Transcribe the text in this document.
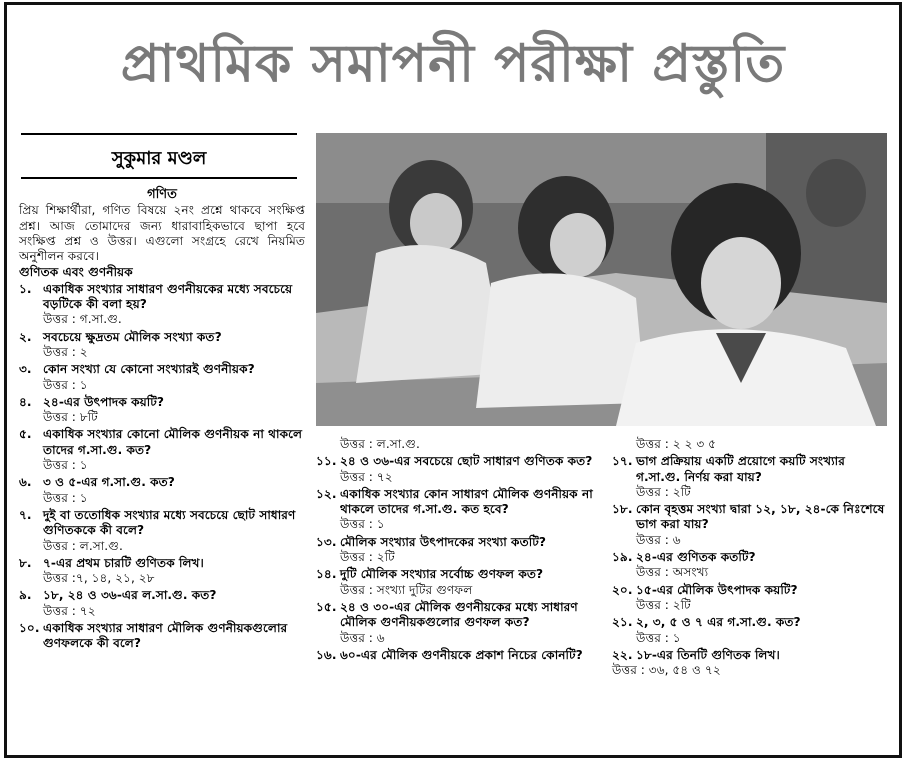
প্রাথমিক সমাপনী পরীক্ষা প্রস্তুতি
সুকুমার মণ্ডল
গণিত

প্রিয় শিক্ষার্থীরা, গণিত বিষয়ে ২নং প্রশ্নে থাকবে সংক্ষিপ্ত প্রশ্ন। আজ তোমাদের জন্য ধারাবাহিকভাবে ছাপা হবে সংক্ষিপ্ত প্রশ্ন ও উত্তর। এগুলো সংগ্রহে রেখে নিয়মিত অনুশীলন করবে।

গুণিতক এবং গুণনীয়ক
১. একাধিক সংখ্যার সাধারণ গুণনীয়কের মধ্যে সবচেয়ে বড়টিকে কী বলা হয়?
উত্তর : গ.সা.গু.
২. সবচেয়ে ক্ষুদ্রতম মৌলিক সংখ্যা কত?
উত্তর : ২
৩. কোন সংখ্যা যে কোনো সংখ্যারই গুণনীয়ক?
উত্তর : ১
৪. ২৪-এর উৎপাদক কয়টি?
উত্তর : ৮টি
৫. একাধিক সংখ্যার কোনো মৌলিক গুণনীয়ক না থাকলে তাদের গ.সা.গু. কত?
উত্তর : ১
৬. ৩ ও ৫-এর গ.সা.গু. কত?
উত্তর : ১
৭. দুই বা ততোধিক সংখ্যার মধ্যে সবচেয়ে ছোট সাধারণ গুণিতককে কী বলে?
উত্তর : ল.সা.গু.
৮. ৭-এর প্রথম চারটি গুণিতক লিখ।
উত্তর :৭, ১৪, ২১, ২৮
৯. ১৮, ২৪ ও ৩৬-এর ল.সা.গু. কত?
উত্তর : ৭২
১০. একাধিক সংখ্যার সাধারণ মৌলিক গুণনীয়কগুলোর গুণফলকে কী বলে?
উত্তর : ল.সা.গু.
১১. ২৪ ও ৩৬-এর সবচেয়ে ছোট সাধারণ গুণিতক কত?
উত্তর : ৭২
১২. একাধিক সংখ্যার কোন সাধারণ মৌলিক গুণনীয়ক না থাকলে তাদের গ.সা.গু. কত হবে?
উত্তর : ১
১৩. মৌলিক সংখ্যার উৎপাদকের সংখ্যা কতটি?
উত্তর : ২টি
১৪. দুটি মৌলিক সংখ্যার সর্বোচ্চ গুণফল কত?
উত্তর : সংখ্যা দুটির গুণফল
১৫. ২৪ ও ৩০-এর মৌলিক গুণনীয়কের মধ্যে সাধারণ মৌলিক গুণনীয়কগুলোর গুণফল কত?
উত্তর : ৬
১৬. ৬০-এর মৌলিক গুণনীয়কে প্রকাশ নিচের কোনটি?
উত্তর : ২ ২ ৩ ৫
১৭. ভাগ প্রক্রিয়ায় একটি প্রয়োগে কয়টি সংখ্যার গ.সা.গু. নির্ণয় করা যায়?
উত্তর : ২টি
১৮. কোন বৃহত্তম সংখ্যা দ্বারা ১২, ১৮, ২৪-কে নিঃশেষে ভাগ করা যায়?
উত্তর : ৬
১৯. ২৪-এর গুণিতক কতটি?
উত্তর : অসংখ্য
২০. ১৫-এর মৌলিক উৎপাদক কয়টি?
উত্তর : ২টি
২১. ২, ৩, ৫ ও ৭ এর গ.সা.গু. কত?
উত্তর : ১
২২. ১৮-এর তিনটি গুণিতক লিখ।
উত্তর : ৩৬, ৫৪ ও ৭২
